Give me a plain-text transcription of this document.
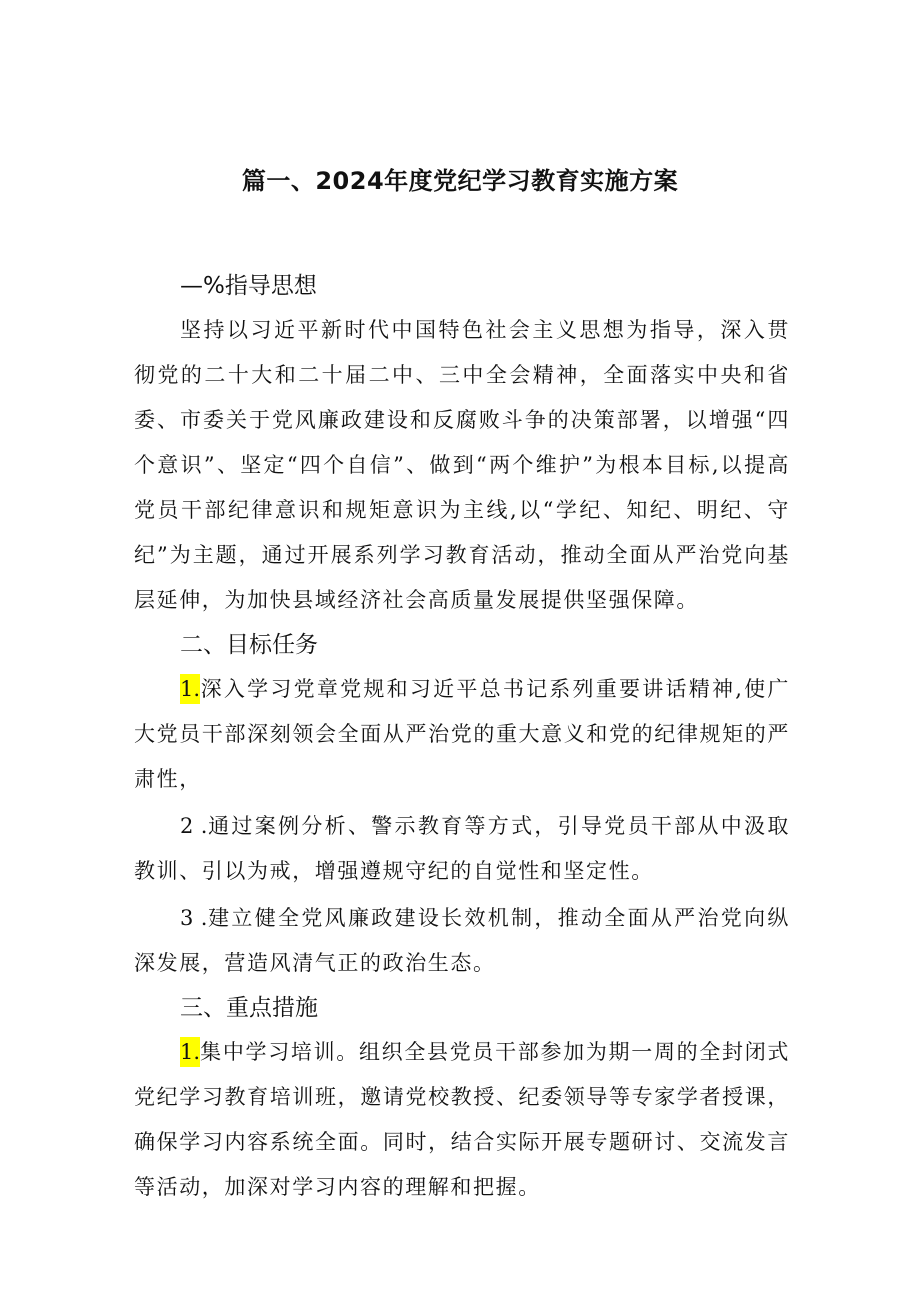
篇一、2024年度党纪学习教育实施方案
—%指导思想

坚持以习近平新时代中国特色社会主义思想为指导，深入贯彻党的二十大和二十届二中、三中全会精神，全面落实中央和省委、市委关于党风廉政建设和反腐败斗争的决策部署，以增强“四个意识”、坚定“四个自信”、做到“两个维护”为根本目标,以提高党员干部纪律意识和规矩意识为主线,以“学纪、知纪、明纪、守纪”为主题，通过开展系列学习教育活动，推动全面从严治党向基层延伸，为加快县域经济社会高质量发展提供坚强保障。

二、目标任务

1.深入学习党章党规和习近平总书记系列重要讲话精神,使广大党员干部深刻领会全面从严治党的重大意义和党的纪律规矩的严肃性，

2 .通过案例分析、警示教育等方式，引导党员干部从中汲取教训、引以为戒，增强遵规守纪的自觉性和坚定性。

3 .建立健全党风廉政建设长效机制，推动全面从严治党向纵深发展，营造风清气正的政治生态。

三、重点措施

1.集中学习培训。组织全县党员干部参加为期一周的全封闭式党纪学习教育培训班，邀请党校教授、纪委领导等专家学者授课，确保学习内容系统全面。同时，结合实际开展专题研讨、交流发言等活动，加深对学习内容的理解和把握。
